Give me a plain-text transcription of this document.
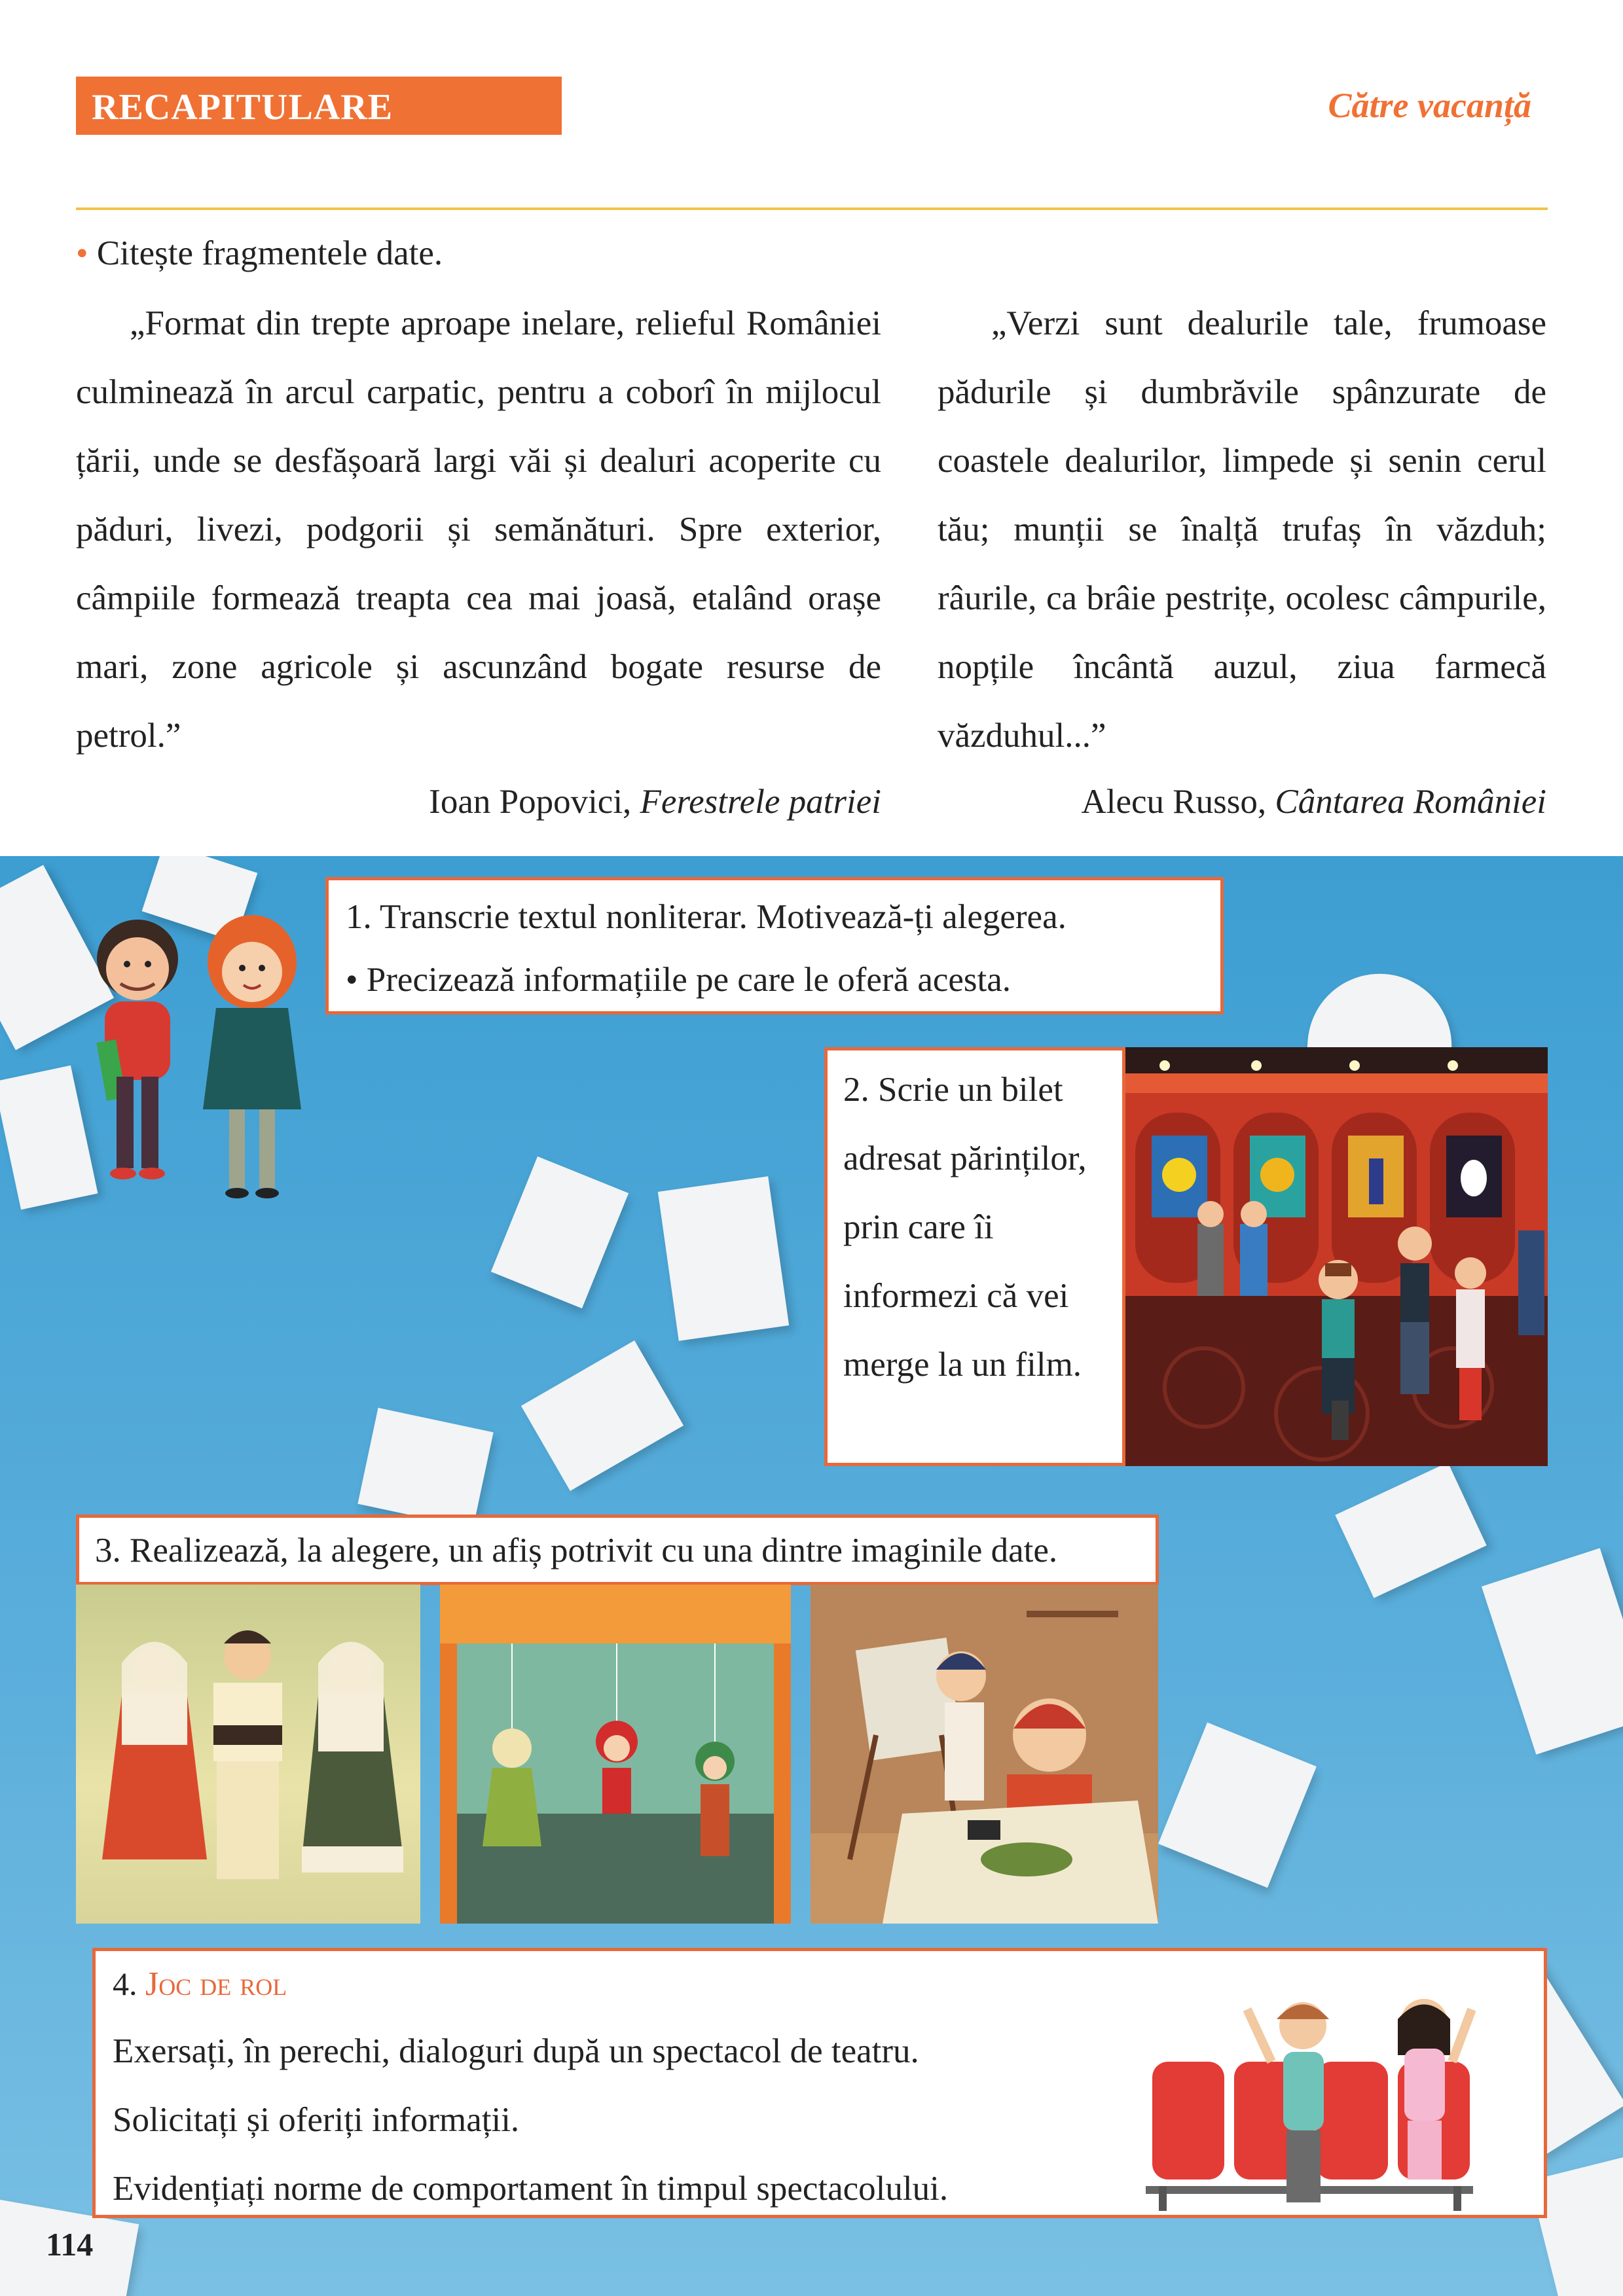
RECAPITULARE	Către vacanță
• Citește fragmentele date.

„Format din trepte aproape inelare, relieful României culminează în arcul carpatic, pentru a coborî în mijlocul țării, unde se desfășoară largi văi și dealuri acoperite cu păduri, livezi, podgorii și semănături. Spre exterior, câmpiile formează treapta cea mai joasă, etalând orașe mari, zone agricole și ascunzând bogate resurse de petrol.”

Ioan Popovici, Ferestrele patriei

„Verzi sunt dealurile tale, frumoase pădurile și dumbrăvile spânzurate de coastele dealurilor, limpede și senin cerul tău; munții se înalță trufaș în văzduh; râurile, ca brâie pestrițe, ocolesc câmpurile, nopțile încântă auzul, ziua farmecă văzduhul...”

Alecu Russo, Cântarea României
1. Transcrie textul nonliterar. Motivează-ți alegerea.
• Precizează informațiile pe care le oferă acesta.
2. Scrie un bilet
adresat părinților,
prin care îi
informezi că vei
merge la un film.
3. Realizează, la alegere, un afiș potrivit cu una dintre imaginile date.
4. Joc de rol
Exersați, în perechi, dialoguri după un spectacol de teatru.
Solicitați și oferiți informații.
Evidențiați norme de comportament în timpul spectacolului.
114
